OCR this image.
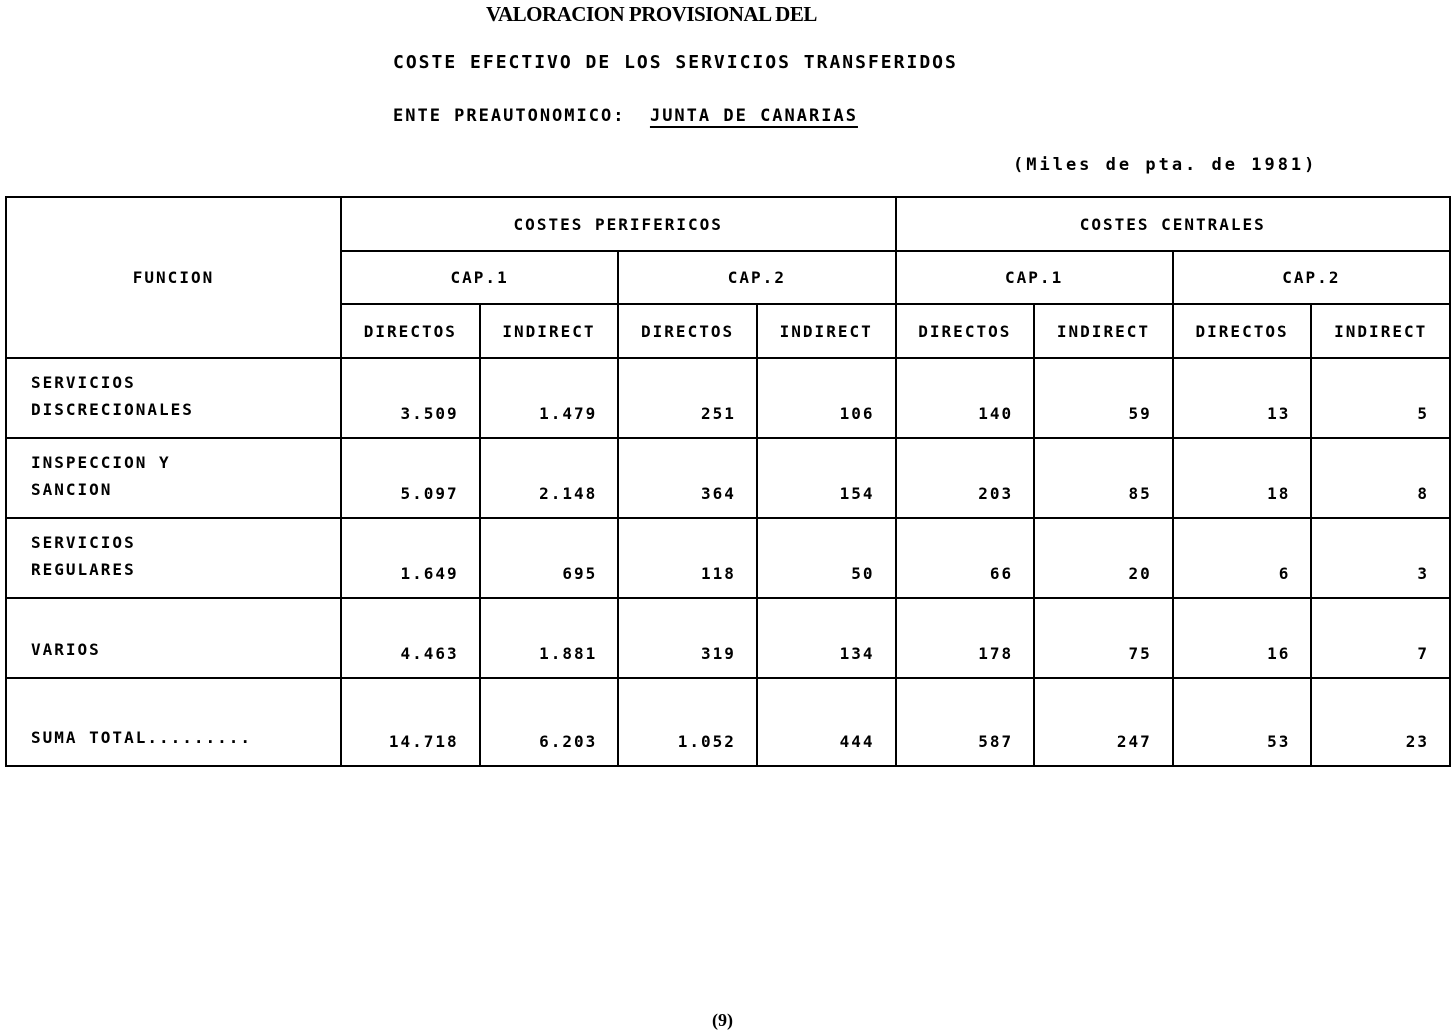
VALORACION PROVISIONAL DEL
COSTE EFECTIVO DE LOS SERVICIOS TRANSFERIDOS
ENTE PREAUTONOMICO: JUNTA DE CANARIAS
(Miles de pta. de 1981)
FUNCION	COSTES PERIFERICOS				COSTES CENTRALES			
	CAP.1		CAP.2		CAP.1		CAP.2	
	DIRECTOS	INDIRECT	DIRECTOS	INDIRECT	DIRECTOS	INDIRECT	DIRECTOS	INDIRECT

SERVICIOS
DISCRECIONALES	3.509	1.479	251	106	140	59	13	5

INSPECCION Y
SANCION	5.097	2.148	364	154	203	85	18	8

SERVICIOS
REGULARES	1.649	695	118	50	66	20	6	3

VARIOS	4.463	1.881	319	134	178	75	16	7

SUMA TOTAL.........	14.718	6.203	1.052	444	587	247	53	23
(9)
